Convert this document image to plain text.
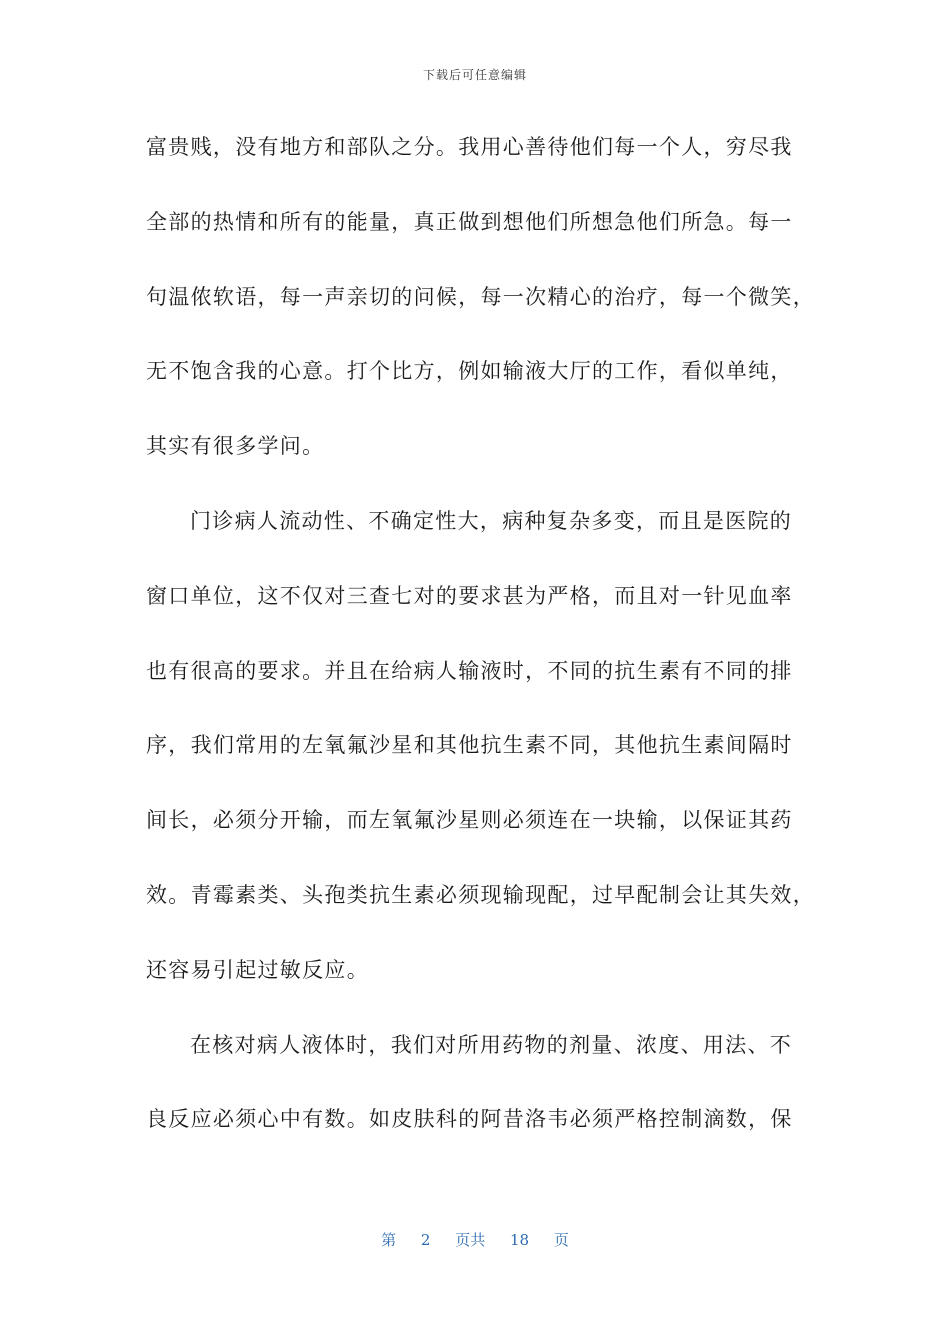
下载后可任意编辑
富贵贱，没有地方和部队之分。我用心善待他们每一个人，穷尽我
全部的热情和所有的能量，真正做到想他们所想急他们所急。每一
句温侬软语，每一声亲切的问候，每一次精心的治疗，每一个微笑，
无不饱含我的心意。打个比方，例如输液大厅的工作，看似单纯，
其实有很多学问。
门诊病人流动性、不确定性大，病种复杂多变，而且是医院的
窗口单位，这不仅对三查七对的要求甚为严格，而且对一针见血率
也有很高的要求。并且在给病人输液时，不同的抗生素有不同的排
序，我们常用的左氧氟沙星和其他抗生素不同，其他抗生素间隔时
间长，必须分开输，而左氧氟沙星则必须连在一块输，以保证其药
效。青霉素类、头孢类抗生素必须现输现配，过早配制会让其失效，
还容易引起过敏反应。
在核对病人液体时，我们对所用药物的剂量、浓度、用法、不
良反应必须心中有数。如皮肤科的阿昔洛韦必须严格控制滴数，保
第 2 页共 18 页
